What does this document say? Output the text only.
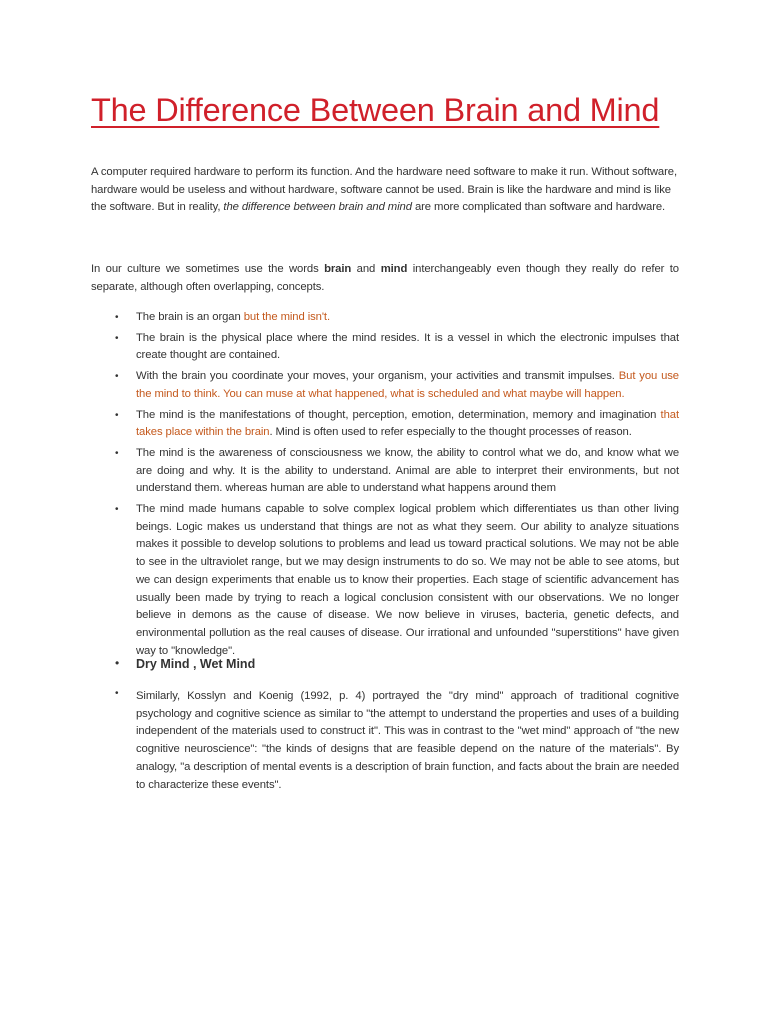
The Difference Between Brain and Mind

A computer required hardware to perform its function. And the hardware need software to make it run. Without software, hardware would be useless and without hardware, software cannot be used. Brain is like the hardware and mind is like the software. But in reality, the difference between brain and mind are more complicated than software and hardware.

In our culture we sometimes use the words brain and mind interchangeably even though they really do refer to separate, although often overlapping, concepts.

• The brain is an organ but the mind isn't.
• The brain is the physical place where the mind resides. It is a vessel in which the electronic impulses that create thought are contained.
• With the brain you coordinate your moves, your organism, your activities and transmit impulses. But you use the mind to think. You can muse at what happened, what is scheduled and what maybe will happen.
• The mind is the manifestations of thought, perception, emotion, determination, memory and imagination that takes place within the brain. Mind is often used to refer especially to the thought processes of reason.
• The mind is the awareness of consciousness we know, the ability to control what we do, and know what we are doing and why. It is the ability to understand. Animal are able to interpret their environments, but not understand them. whereas human are able to understand what happens around them
• The mind made humans capable to solve complex logical problem which differentiates us than other living beings. Logic makes us understand that things are not as what they seem. Our ability to analyze situations makes it possible to develop solutions to problems and lead us toward practical solutions. We may not be able to see in the ultraviolet range, but we may design instruments to do so. We may not be able to see atoms, but we can design experiments that enable us to know their properties. Each stage of scientific advancement has usually been made by trying to reach a logical conclusion consistent with our observations. We no longer believe in demons as the cause of disease. We now believe in viruses, bacteria, genetic defects, and environmental pollution as the real causes of disease. Our irrational and unfounded "superstitions" have given way to "knowledge".
• Dry Mind , Wet Mind
• Similarly, Kosslyn and Koenig (1992, p. 4) portrayed the "dry mind" approach of traditional cognitive psychology and cognitive science as similar to "the attempt to understand the properties and uses of a building independent of the materials used to construct it". This was in contrast to the "wet mind" approach of "the new cognitive neuroscience": "the kinds of designs that are feasible depend on the nature of the materials". By analogy, "a description of mental events is a description of brain function, and facts about the brain are needed to characterize these events".
